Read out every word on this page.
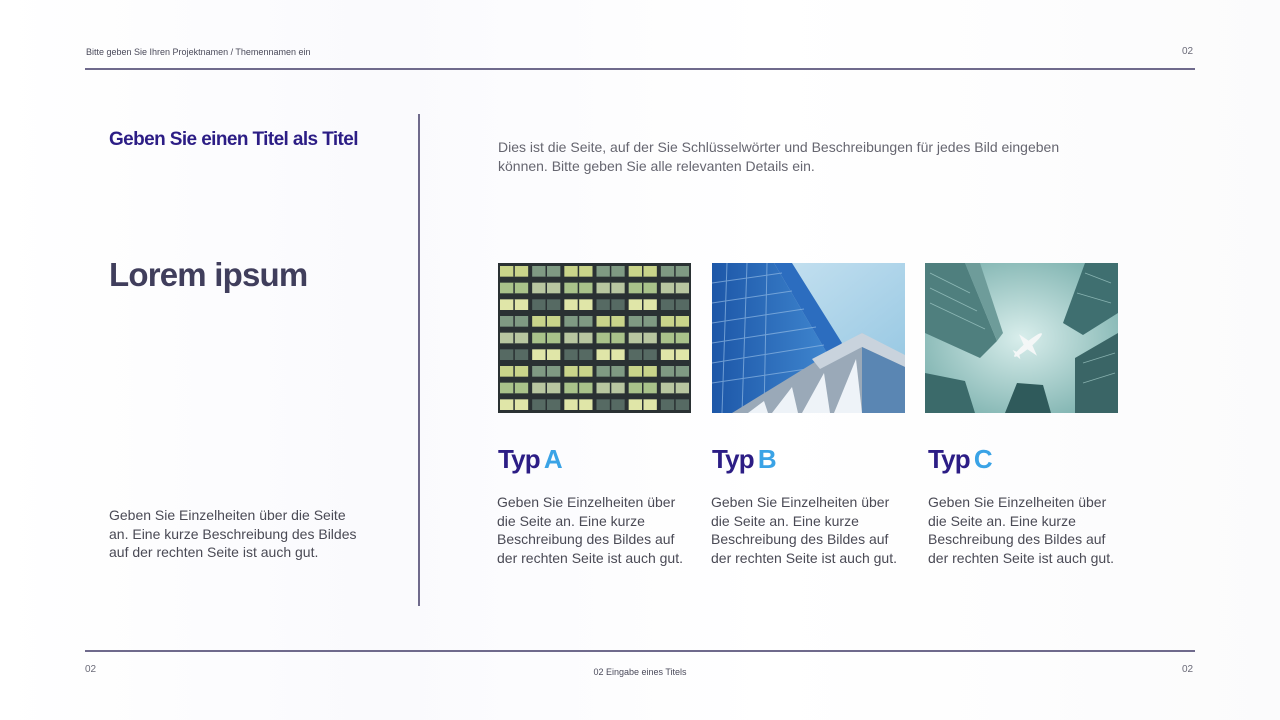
Bitte geben Sie Ihren Projektnamen / Themennamen ein	02
Geben Sie einen Titel als Titel
Lorem ipsum
Geben Sie Einzelheiten über die Seite an. Eine kurze Beschreibung des Bildes auf der rechten Seite ist auch gut.
Dies ist die Seite, auf der Sie Schlüsselwörter und Beschreibungen für jedes Bild eingeben können. Bitte geben Sie alle relevanten Details ein.
Typ A	Typ B	Typ C
Geben Sie Einzelheiten über die Seite an. Eine kurze Beschreibung des Bildes auf der rechten Seite ist auch gut.
Geben Sie Einzelheiten über die Seite an. Eine kurze Beschreibung des Bildes auf der rechten Seite ist auch gut.
Geben Sie Einzelheiten über die Seite an. Eine kurze Beschreibung des Bildes auf der rechten Seite ist auch gut.
02	02 Eingabe eines Titels	02
